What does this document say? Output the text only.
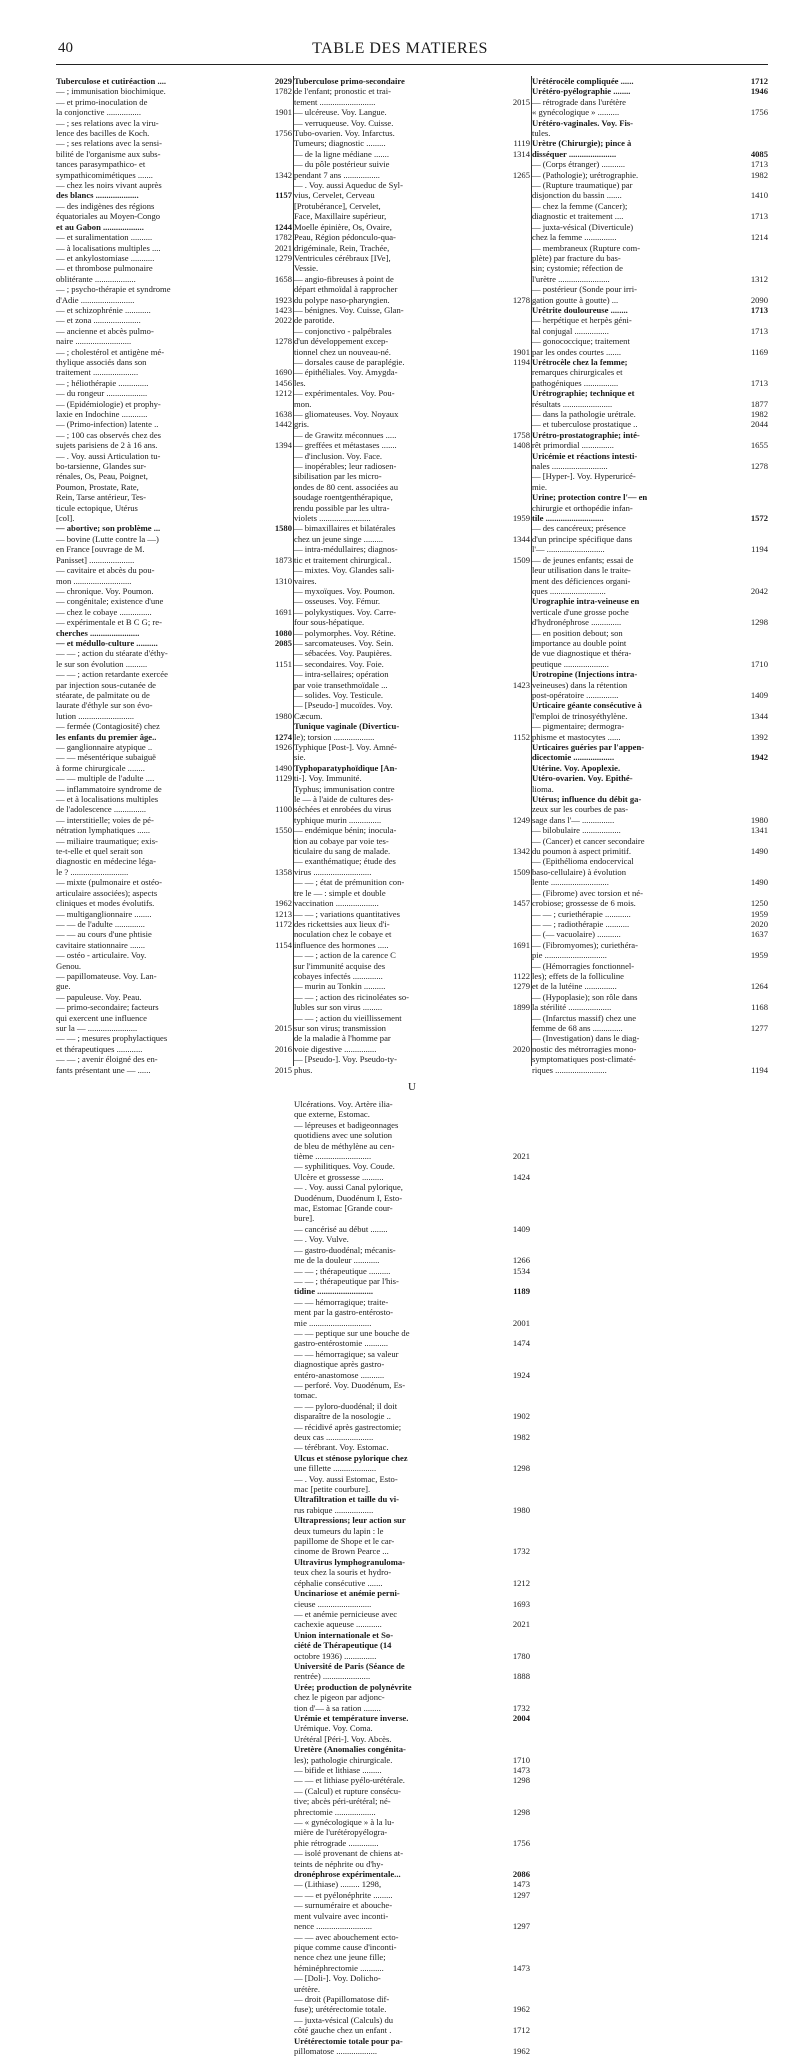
40	TABLE DES MATIERES
Tuberculose et cutiréaction ....	2029
— ; immunisation biochimique.	1782
— et primo-inoculation de
la conjonctive ................	1901
— ; ses relations avec la viru-
lence des bacilles de Koch.	1756
— ; ses relations avec la sensi-
bilité de l'organisme aux subs-
tances parasympathico- et
sympathicomimétiques .......	1342
— chez les noirs vivant auprès
des blancs ....................	1157
— des indigènes des régions
équatoriales au Moyen-Congo
et au Gabon ...................	1244
— et suralimentation ..........	1782
— à localisations multiples ....	2021
— et ankylostomiase ...........	1279
— et thrombose pulmonaire
oblitérante ...................	1658
— ; psycho-thérapie et syndrome
d'Adie .........................	1923
— et schizophrénie ............	1423
— et zona ......................	2022
— ancienne et abcès pulmo-
naire ..........................	1278
— ; cholestérol et antigène mé-
thylique associés dans son
traitement .....................	1690
— ; héliothérapie ..............	1456
— du rongeur ...................	1212
— (Epidémiologie) et prophy-
laxie en Indochine ............	1638
— (Primo-infection) latente ..	1442
— ; 100 cas observés chez des
sujets parisiens de 2 à 16 ans.	1394
— . Voy. aussi Articulation tu-
bo-tarsienne, Glandes sur-
rénales, Os, Peau, Poignet,
Poumon, Prostate, Rate,
Rein, Tarse antérieur, Tes-
ticule ectopique, Utérus
[col].
— abortive; son problème ...	1580
— bovine (Lutte contre la —)
en France [ouvrage de M.
Panisset] .....................	1873
— cavitaire et abcès du pou-
mon ...........................	1310
— chronique. Voy. Poumon.
— congénitale; existence d'une
— chez le cobaye ...............	1691
— expérimentale et B C G; re-
cherches .......................	1080
— et médullo-culture ..........	2085
— — ; action du stéarate d'éthy-
le sur son évolution ..........	1151
— — ; action retardante exercée
par injection sous-cutanée de
stéarate, de palmitate ou de
laurate d'éthyle sur son évo-
lution ..........................	1980
— fermée (Contagiosité) chez
les enfants du premier âge..	1274
— ganglionnaire atypique ..	1926
— — mésentérique subaiguë
à forme chirurgicale ........	1490
— — multiple de l'adulte ....	1129
— inflammatoire syndrome de
— et à localisations multiples
de l'adolescence ...............	1100
— interstitielle; voies de pé-
nétration lymphatiques ......	1550
— miliaire traumatique; exis-
te-t-elle et quel serait son
diagnostic en médecine léga-
le ? ...........................	1358
— mixte (pulmonaire et ostéo-
articulaire associées); aspects
cliniques et modes évolutifs.	1962
— multiganglionnaire ........	1213
— — de l'adulte ..............	1172
— — au cours d'une phtisie
cavitaire stationnaire .......	1154
— ostéo - articulaire. Voy.
Genou.
— papillomateuse. Voy. Lan-
gue.
— papuleuse. Voy. Peau.
— primo-secondaire; facteurs
qui exercent une influence
sur la — .......................	2015
— — ; mesures prophylactiques
et thérapeutiques ............	2016
— — ; avenir éloigné des en-
fants présentant une — ......	2015
Tuberculose primo-secondaire
de l'enfant; pronostic et trai-
tement ..........................	2015
— ulcéreuse. Voy. Langue.
— verruqueuse. Voy. Cuisse.
Tubo-ovarien. Voy. Infarctus.
Tumeurs; diagnostic .........	1119
— de la ligne médiane .......	1314
— du pôle postérieur suivie
pendant 7 ans .................	1265
— . Voy. aussi Aqueduc de Syl-
vius, Cervelet, Cerveau
[Protubérance], Cervelet,
Face, Maxillaire supérieur,
Moelle épinière, Os, Ovaire,
Peau, Région pédonculo-qua-
drigéminale, Rein, Trachée,
Ventricules cérébraux [IVe],
Vessie.
— angio-fibreuses à point de
départ ethmoïdal à rapprocher
du polype naso-pharyngien.	1278
— bénignes. Voy. Cuisse, Glan-
de parotide.
— conjonctivo - palpébrales
d'un développement excep-
tionnel chez un nouveau-né.	1901
— dorsales cause de paraplégie.	1194
— épithéliales. Voy. Amygda-
les.
— expérimentales. Voy. Pou-
mon.
— gliomateuses. Voy. Noyaux
gris.
— de Grawitz méconnues .....	1758
— greffées et métastases .......	1408
— d'inclusion. Voy. Face.
— inopérables; leur radiosen-
sibilisation par les micro-
ondes de 80 cent. associées au
soudage roentgenthérapique,
rendu possible par les ultra-
violets ........................	1959
— bimaxillaires et bilatérales
chez un jeune singe .........	1344
— intra-médullaires; diagnos-
tic et traitement chirurgical..	1509
— mixtes. Voy. Glandes sali-
vaires.
— myxoïques. Voy. Poumon.
— osseuses. Voy. Fémur.
— polykystiques. Voy. Carre-
four sous-hépatique.
— polymorphes. Voy. Rétine.
— sarcomateuses. Voy. Sein.
— sébacées. Voy. Paupières.
— secondaires. Voy. Foie.
— intra-sellaires; opération
par voie transethmoïdale ...	1423
— solides. Voy. Testicule.
— [Pseudo-] mucoïdes. Voy.
Cæcum.
Tunique vaginale (Diverticu-
le); torsion ...................	1152
Typhique [Post-]. Voy. Amné-
sie.
Typhoparatyphoïdique [An-
ti-]. Voy. Immunité.
Typhus; immunisation contre
le — à l'aide de cultures des-
séchées et enrobées du virus
typhique murin ...............	1249
— endémique bénin; inocula-
tion au cobaye par voie tes-
ticulaire du sang de malade.	1342
— exanthématique; étude des
virus ...........................	1509
— — ; état de prémunition con-
tre le — : simple et double
vaccination ....................	1457
— — ; variations quantitatives
des rickettsies aux lieux d'i-
noculation chez le cobaye et
influence des hormones .....	1691
— — ; action de la carence C
sur l'immunité acquise des
cobayes infectés ..............	1122
— murin au Tonkin ..........	1279
— — ; action des ricinoléates so-
lubles sur son virus .........	1899
— — ; action du vieillissement
sur son virus; transmission
de la maladie à l'homme par
voie digestive ...............	2020
— [Pseudo-]. Voy. Pseudo-ty-
phus.
U
Ulcérations. Voy. Artère ilia-
que externe, Estomac.
— lépreuses et badigeonnages
quotidiens avec une solution
de bleu de méthylène au cen-
tième ..........................	2021
— syphilitiques. Voy. Coude.
Ulcère et grossesse ..........	1424
— . Voy. aussi Canal pylorique,
Duodénum, Duodénum I, Esto-
mac, Estomac [Grande cour-
bure].
— cancérisé au début ........	1409
— . Voy. Vulve.
— gastro-duodénal; mécanis-
me de la douleur ............	1266
— — ; thérapeutique ..........	1534
— — ; thérapeutique par l'his-
tidine ..........................	1189
— — hémorragique; traite-
ment par la gastro-entérosto-
mie .............................	2001
— — peptique sur une bouche de
gastro-entérostomie ...........	1474
— — hémorragique; sa valeur
diagnostique après gastro-
entéro-anastomose ...........	1924
— perforé. Voy. Duodénum, Es-
tomac.
— — pyloro-duodénal; il doit
disparaître de la nosologie ..	1902
— récidivé après gastrectomie;
deux cas ......................	1982
— térébrant. Voy. Estomac.
Ulcus et sténose pylorique chez
une fillette ....................	1298
— . Voy. aussi Estomac, Esto-
mac [petite courbure].
Ultrafiltration et taille du vi-
rus rabique ..................	1980
Ultrapressions; leur action sur
deux tumeurs du lapin : le
papillome de Shope et le car-
cinome de Brown Pearce ...	1732
Ultravirus lymphogranuloma-
teux chez la souris et hydro-
céphalie consécutive .......	1212
Uncinariose et anémie perni-
cieuse .........................	1693
— et anémie pernicieuse avec
cachexie aqueuse ............	2021
Union internationale et So-
ciété de Thérapeutique (14
octobre 1936) ...............	1780
Université de Paris (Séance de
rentrée) ......................	1888
Urée; production de polynévrite
chez le pigeon par adjonc-
tion d'— à sa ration ........	1732
Urémie et température inverse.	2004
Urémique. Voy. Coma.
Urétéral [Péri-]. Voy. Abcès.
Uretère (Anomalies congénita-
les); pathologie chirurgicale.	1710
— bifide et lithiase .........	1473
— — et lithiase pyélo-urétérale.	1298
— (Calcul) et rupture consécu-
tive; abcès péri-urétéral; né-
phrectomie ...................	1298
— « gynécologique » à la lu-
mière de l'urétéropyélogra-
phie rétrograde ..............	1756
— isolé provenant de chiens at-
teints de néphrite ou d'hy-
dronéphrose expérimentale...	2086
— (Lithiase) ......... 1298,	1473
— — et pyélonéphrite .........	1297
— surnuméraire et abouche-
ment vulvaire avec inconti-
nence ..........................	1297
— — avec abouchement ecto-
pique comme cause d'inconti-
nence chez une jeune fille;
héminéphrectomie ...........	1473
— [Doli-]. Voy. Dolicho-
urétère.
— droit (Papillomatose dif-
fuse); urétérectomie totale.	1962
— juxta-vésical (Calculs) du
côté gauche chez un enfant .	1712
Urétérectomie totale pour pa-
pillomatose ...................	1962
Urétérocèle compliquée ......	1712
Urétéro-pyélographie ........	1946
— rétrograde dans l'urétère
« gynécologique » ..........	1756
Urétéro-vaginales. Voy. Fis-
tules.
Urètre (Chirurgie); pince à
disséquer ......................	4085
— (Corps étranger) ...........	1713
— (Pathologie); urétrographie.	1982
— (Rupture traumatique) par
disjonction du bassin .......	1410
— chez la femme (Cancer);
diagnostic et traitement ....	1713
— juxta-vésical (Diverticule)
chez la femme ...............	1214
— membraneux (Rupture com-
plète) par fracture du bas-
sin; cystomie; réfection de
l'urètre ........................	1312
— postérieur (Sonde pour irri-
gation goutte à goutte) ...	2090
Urétrite douloureuse ........	1713
— herpétique et herpès géni-
tal conjugal ................	1713
— gonococcique; traitement
par les ondes courtes .......	1169
Urétrocèle chez la femme;
remarques chirurgicales et
pathogéniques ................	1713
Urétrographie; technique et
résultats .......................	1877
— dans la pathologie urétrale.	1982
— et tuberculose prostatique ..	2044
Urétro-prostatographie; inté-
rêt primordial ...............	1655
Uricémie et réactions intesti-
nales ..........................	1278
— [Hyper-]. Voy. Hyperuricé-
mie.
Urine; protection contre l'— en
chirurgie et orthopédie infan-
tile ...........................	1572
— des cancéreux; présence
d'un principe spécifique dans
l'— ...........................	1194
— de jeunes enfants; essai de
leur utilisation dans le traite-
ment des déficiences organi-
ques ..........................	2042
Urographie intra-veineuse en
verticale d'une grosse poche
d'hydronéphrose ..............	1298
— en position debout; son
importance au double point
de vue diagnostique et théra-
peutique .....................	1710
Urotropine (Injections intra-
veineuses) dans la rétention
post-opératoire ...............	1409
Urticaire géante consécutive à
l'emploi de trinosyéthylène.	1344
— pigmentaire; dermogra-
phisme et mastocytes ......	1392
Urticaires guéries par l'appen-
dicectomie ...................	1942
Utérine. Voy. Apoplexie.
Utéro-ovarien. Voy. Epithé-
lioma.
Utérus; influence du débit ga-
zeux sur les courbes de pas-
sage dans l'— ...............	1980
— bilobulaire ..................	1341
— (Cancer) et cancer secondaire
du poumon à aspect primitif.	1490
— (Epithélioma endocervical
baso-cellulaire) à évolution
lente ...........................	1490
— (Fibrome) avec torsion et né-
crobiose; grossesse de 6 mois.	1250
— — ; curiethérapie ............	1959
— — ; radiothérapie ...........	2020
— (— vacuolaire) ...........	1637
— (Fibromyomes); curiethéra-
pie .............................	1959
— (Hémorragies fonctionnel-
les); effets de la folliculine
et de la lutéine ...............	1264
— (Hypoplasie); son rôle dans
la stérilité ....................	1168
— (Infarctus massif) chez une
femme de 68 ans ..............	1277
— (Investigation) dans le diag-
nostic des métrorragies mono-
symptomatiques post-climaté-
riques ........................	1194
